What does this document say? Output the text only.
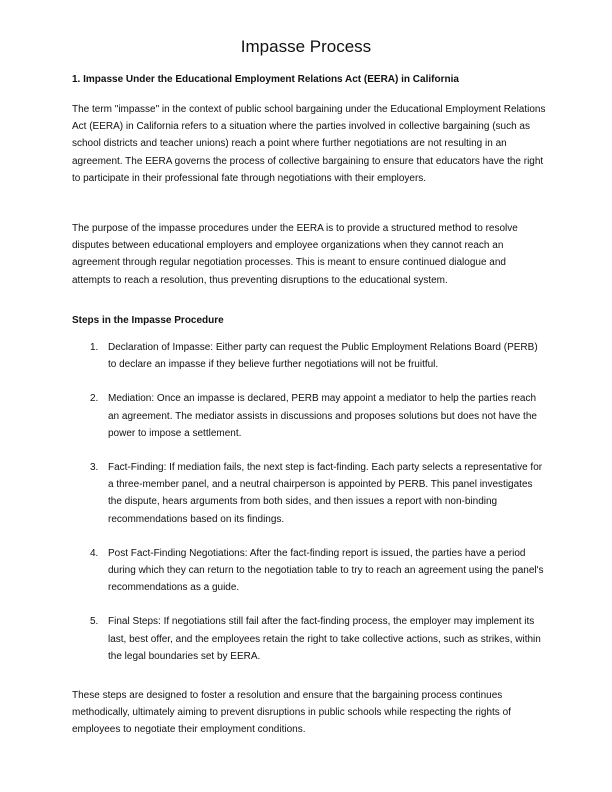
Impasse Process
1. Impasse Under the Educational Employment Relations Act (EERA) in California
The term "impasse" in the context of public school bargaining under the Educational Employment Relations Act (EERA) in California refers to a situation where the parties involved in collective bargaining (such as school districts and teacher unions) reach a point where further negotiations are not resulting in an agreement. The EERA governs the process of collective bargaining to ensure that educators have the right to participate in their professional fate through negotiations with their employers.
The purpose of the impasse procedures under the EERA is to provide a structured method to resolve disputes between educational employers and employee organizations when they cannot reach an agreement through regular negotiation processes. This is meant to ensure continued dialogue and attempts to reach a resolution, thus preventing disruptions to the educational system.
Steps in the Impasse Procedure
1. Declaration of Impasse: Either party can request the Public Employment Relations Board (PERB) to declare an impasse if they believe further negotiations will not be fruitful.
2. Mediation: Once an impasse is declared, PERB may appoint a mediator to help the parties reach an agreement. The mediator assists in discussions and proposes solutions but does not have the power to impose a settlement.
3. Fact-Finding: If mediation fails, the next step is fact-finding. Each party selects a representative for a three-member panel, and a neutral chairperson is appointed by PERB. This panel investigates the dispute, hears arguments from both sides, and then issues a report with non-binding recommendations based on its findings.
4. Post Fact-Finding Negotiations: After the fact-finding report is issued, the parties have a period during which they can return to the negotiation table to try to reach an agreement using the panel's recommendations as a guide.
5. Final Steps: If negotiations still fail after the fact-finding process, the employer may implement its last, best offer, and the employees retain the right to take collective actions, such as strikes, within the legal boundaries set by EERA.
These steps are designed to foster a resolution and ensure that the bargaining process continues methodically, ultimately aiming to prevent disruptions in public schools while respecting the rights of employees to negotiate their employment conditions.
